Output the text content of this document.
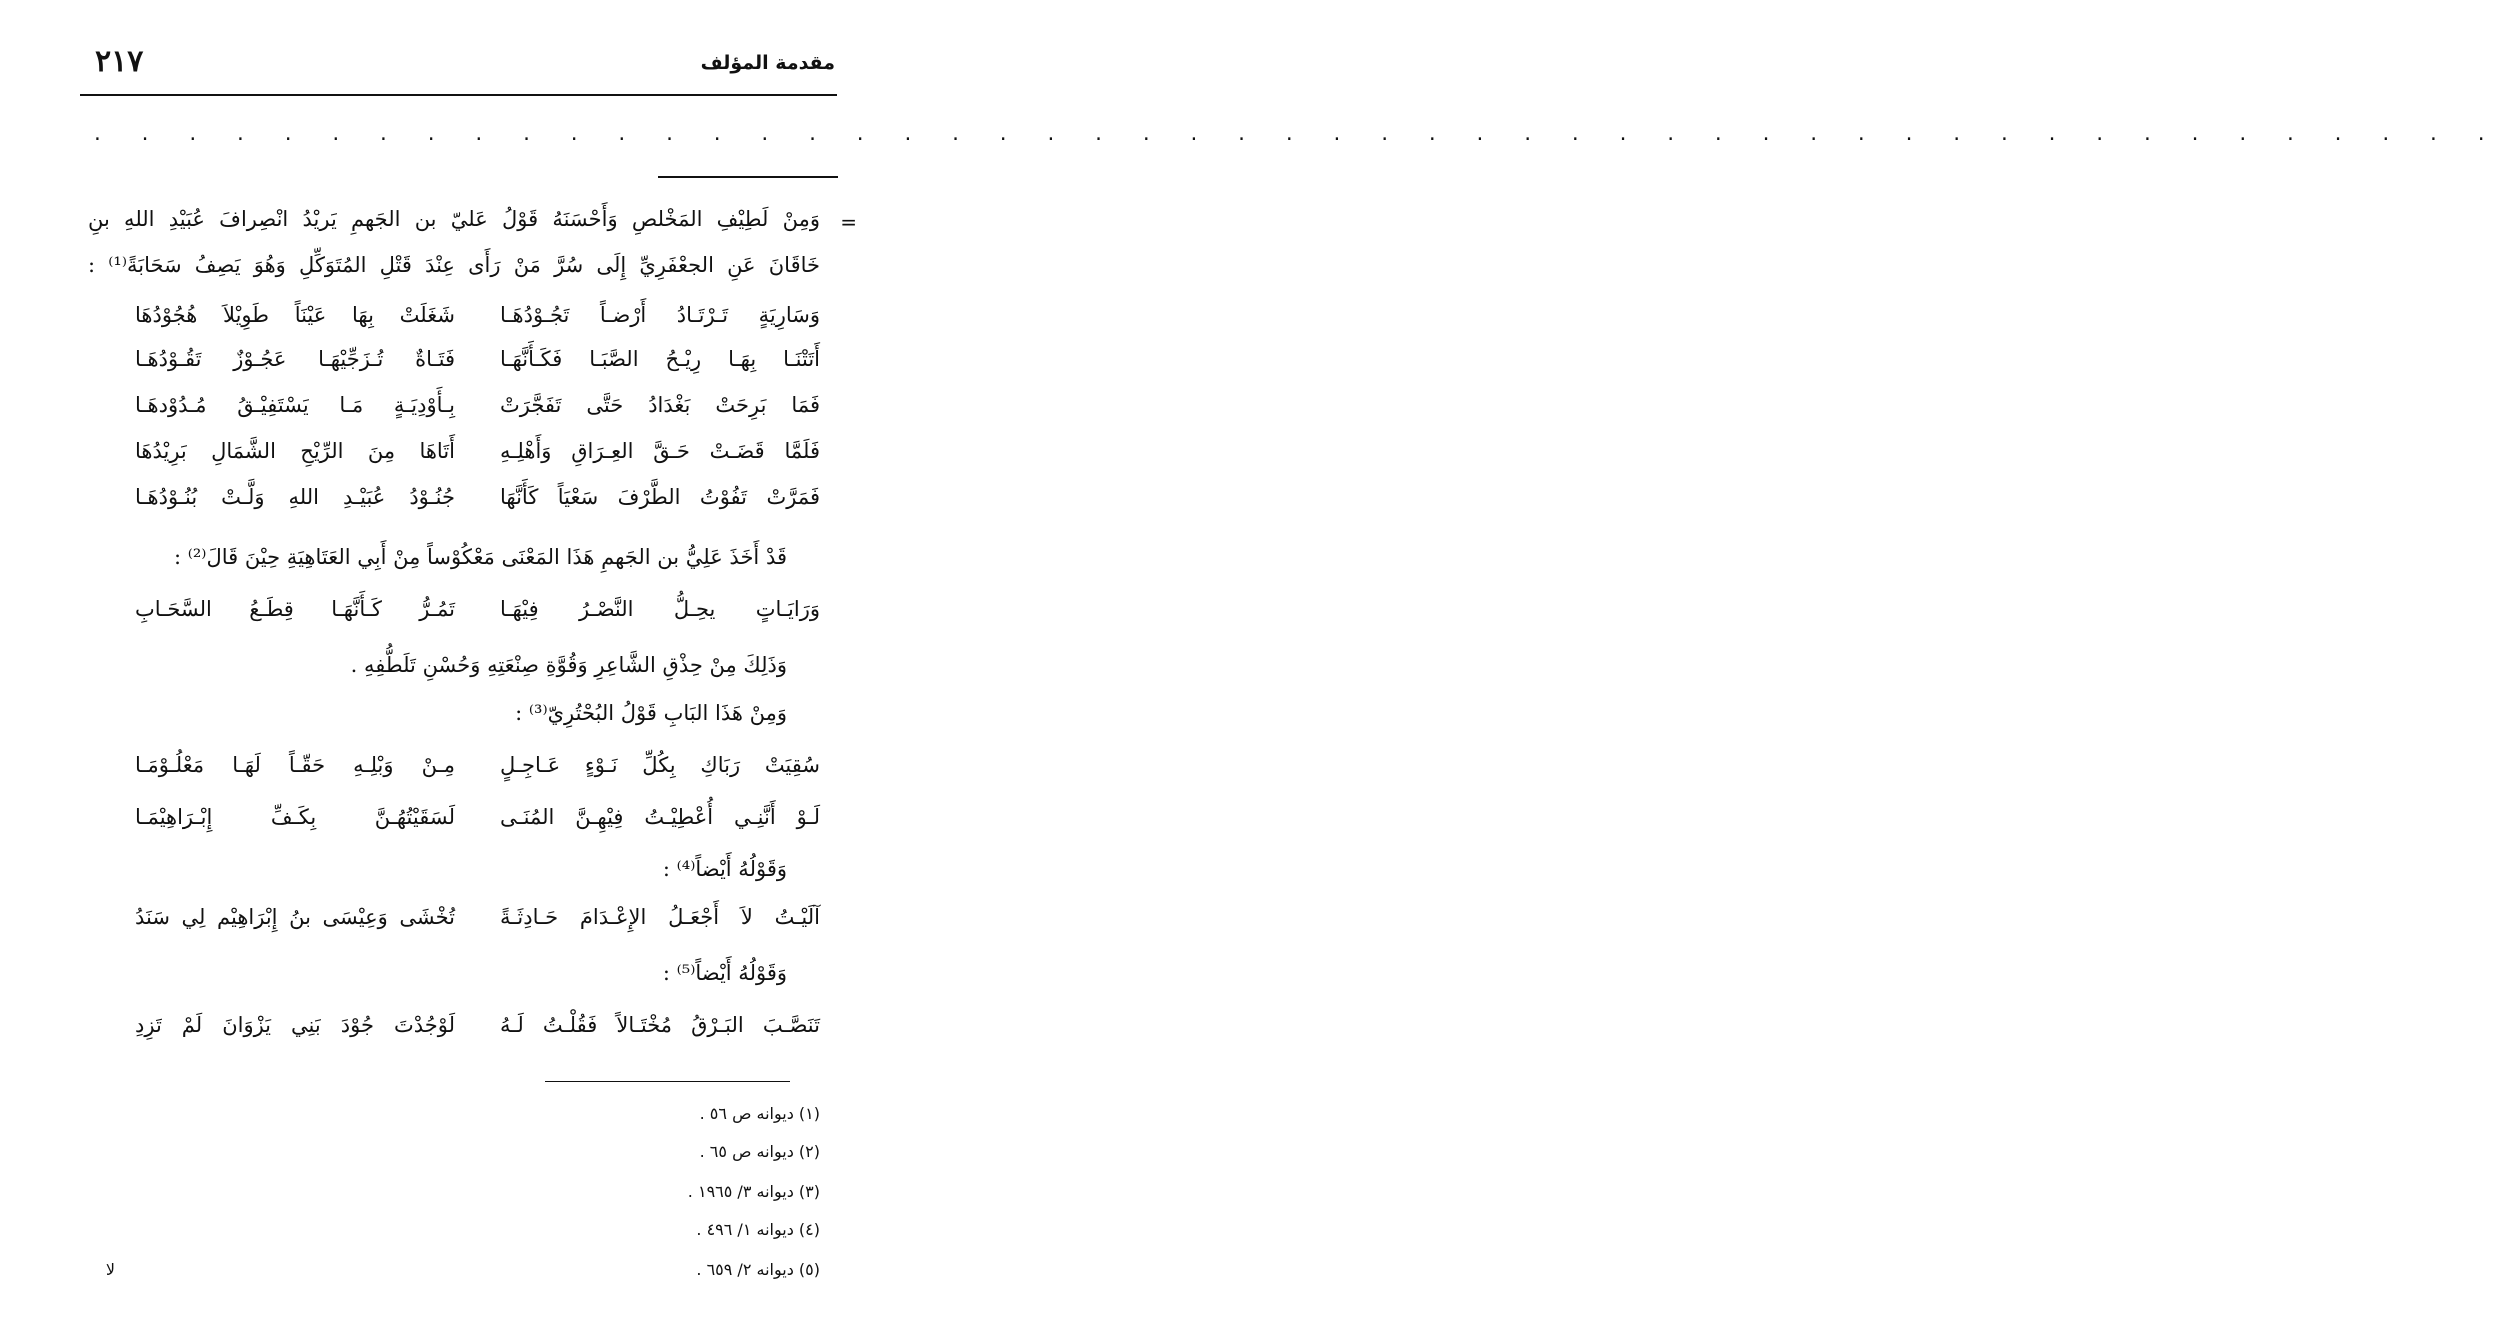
مقدمة المؤلف
٢١٧
. . . . . . . . . . . . . . . . . . . . . . . . . . . . . . . . . . . . . . . . . . . . . . . . . . .
=
وَمِنْ لَطِيْفِ المَخْلصِ وَأَحْسَنَهُ قَوْلُ عَليّ بن الجَهمِ يَريْدُ انْصِرافَ عُبَيْدِ اللهِ بنِ
خَاقَانَ عَنِ الجعْفَرِيِّ إِلَى سُرَّ مَنْ رَأَى عِنْدَ قَتْلِ المُتَوَكِّلِ وَهُوَ يَصِفُ سَحَابَةً⁽¹⁾ :
وَسَارِيَةٍ تَـرْتَـادُ أَرْضـاً تَجُـوْدُهَـا
شَغَلَتْ بِهَا عَيْنَاً طَوِيْلاَ هُجُوْدُهَا
أَتَتْنَـا بِهَـا رِيْـحُ الصَّبَـا فَكَـأَنَّهَـا
فَتَـاةٌ تُـزَجِّيْهَـا عَجُـوْزٌ تَقُـوْدُهَـا
فَمَا بَرِحَتْ بَغْدَادُ حَتَّى تَفَجَّرَتْ
بِـأَوْدِيَـةٍ مَـا يَسْتَفِيْـقُ مُـدُوْدهَـا
فَلَمَّا قَضَـتْ حَـقَّ العِـرَاقِ وَأَهْلِـهِ
أَتَاهَا مِنَ الرِّيْحِ الشَّمَالِ بَرِيْدُهَا
فَمَرَّتْ تَفُوْتُ الطَّرْفَ سَعْيَاً كَأَنَّهَا
جُنُـوْدُ عُبَيْـدِ اللهِ وَلَّـتْ بُنُـوْدُهَـا
قَدْ أَخَذَ عَلِيُّ بن الجَهمِ هَذَا المَعْنَى مَعْكُوْساً مِنْ أَبِي العَتَاهِيَةِ حِيْنَ قَالَ⁽²⁾ :
وَرَايَـاتٍ يحِـلُّ النَّصْـرُ فِيْهَـا
تَمُـرُّ كَـأَنَّهَـا قِطَـعُ السَّحَـابِ
وَذَلِكَ مِنْ حِذْقِ الشَّاعِرِ وَقُوَّةِ صِنْعَتِهِ وَحُسْنِ تَلَطُّفِهِ .
وَمِنْ هَذَا البَابِ قَوْلُ البُحْتُرِيّ⁽³⁾ :
سُقِيَتْ رَبَاكِ بِكُلِّ نَـوْءٍ عَـاجِـلٍ
مِـنْ وَبْلِـهِ حَقّـاً لَهَـا مَعْلُـوْمَـا
لَـوْ أَنَّنِـي أُعْطِيْـتُ فِيْهِـنَّ المُنَـى
لَسَقَيْتُهُـنَّ بِكَـفِّ إِبْـرَاهِيْمَـا
وَقَوْلُهُ أَيْضاً⁽⁴⁾ :
آلَيْـتُ لاَ أَجْعَـلُ الإِعْـدَامَ حَـادِثَـةً
تُخْشَى وَعِيْسَى بنُ إِبْرَاهِيْم لِي سَنَدُ
وَقَوْلُهُ أَيْضاً⁽⁵⁾ :
تَنَصَّـبَ البَـرْقُ مُخْتَـالاً فَقُلْـتُ لَـهُ
لَوْجُدْتَ جُوْدَ بَنِي يَزْوَانَ لَمْ تَزِدِ
(١) ديوانه ص ٥٦ .
(٢) ديوانه ص ٦٥ .
(٣) ديوانه ٣/ ١٩٦٥ .
(٤) ديوانه ١/ ٤٩٦ .
(٥) ديوانه ٢/ ٦٥٩ .
لا
